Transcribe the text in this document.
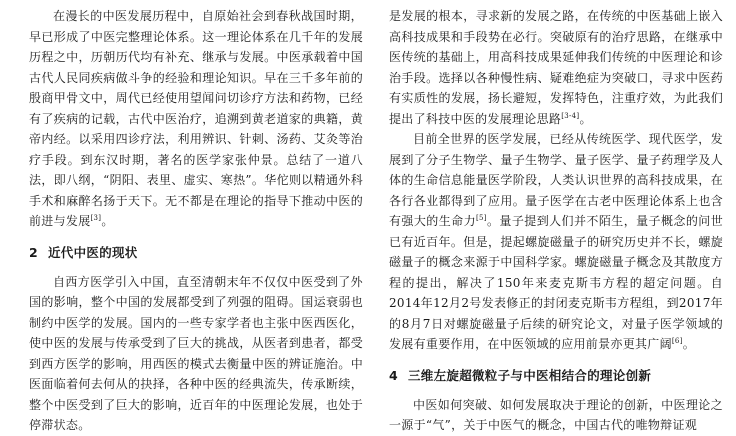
在漫长的中医发展历程中，自原始社会到春秋战国时期，早已形成了中医完整理论体系。这一理论体系在几千年的发展历程之中，历朝历代均有补充、继承与发展。中医承载着中国古代人民同疾病做斗争的经验和理论知识。早在三千多年前的殷商甲骨文中，周代已经使用望闻问切诊疗方法和药物，已经有了疾病的记载，古代中医治疗，追溯到黄老道家的典籍，黄帝内经。以采用四诊疗法，利用辨识、针刺、汤药、艾灸等治疗手段。到东汉时期，著名的医学家张仲景。总结了一道八法，即八纲，“阴阳、表里、虚实、寒热”。华佗则以精通外科手术和麻醉名扬于天下。无不都是在理论的指导下推动中医的前进与发展[3]。

2 近代中医的现状

自西方医学引入中国，直至清朝末年不仅仅中医受到了外国的影响，整个中国的发展都受到了列强的阻碍。国运衰弱也制约中医学的发展。国内的一些专家学者也主张中医西医化，使中医的发展与传承受到了巨大的挑战，从医者到患者，都受到西方医学的影响，用西医的模式去衡量中医的辨证施治。中医面临着何去何从的抉择，各种中医的经典流失，传承断续，整个中医受到了巨大的影响，近百年的中医理论发展，也处于停滞状态。

是发展的根本，寻求新的发展之路，在传统的中医基础上嵌入高科技成果和手段势在必行。突破原有的治疗思路，在继承中医传统的基础上，用高科技成果延伸我们传统的中医理论和诊治手段。选择以各种慢性病、疑难绝症为突破口，寻求中医药有实质性的发展，扬长避短，发挥特色，注重疗效，为此我们提出了科技中医的发展理论思路[3-4]。

目前全世界的医学发展，已经从传统医学、现代医学，发展到了分子生物学、量子生物学、量子医学、量子药理学及人体的生命信息能量医学阶段，人类认识世界的高科技成果，在各行各业都得到了应用。量子医学在古老中医理论体系上也含有强大的生命力[5]。量子提到人们并不陌生，量子概念的问世已有近百年。但是，提起螺旋磁量子的研究历史并不长，螺旋磁量子的概念来源于中国科学家。螺旋磁量子概念及其散度方程的提出，解决了150年来麦克斯韦方程的超定问题。自2014年12月2号发表修正的封闭麦克斯韦方程组，到2017年的8月7日对螺旋磁量子后续的研究论文，对量子医学领域的发展有重要作用，在中医领域的应用前景亦更其广阔[6]。

4 三维左旋超微粒子与中医相结合的理论创新

中医如何突破、如何发展取决于理论的创新，中医理论之一源于“气”，关于中医气的概念，中国古代的唯物辩证观
